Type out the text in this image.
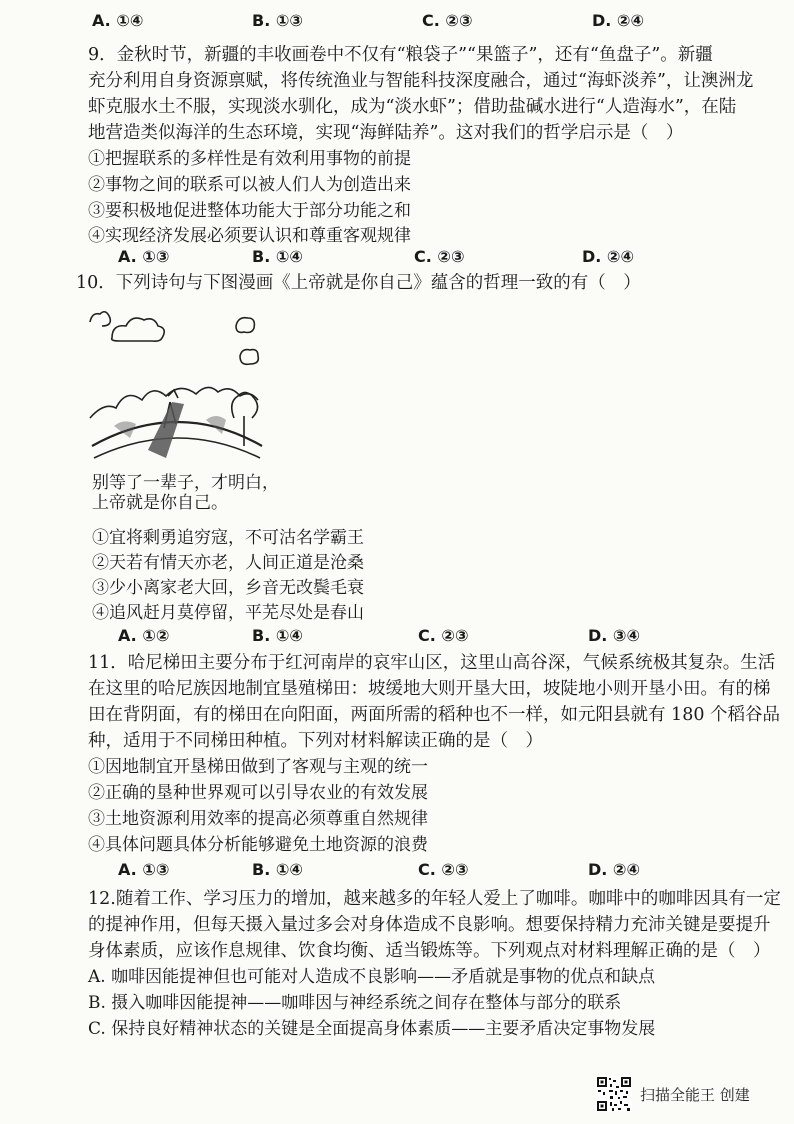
A. ①④	B. ①③	C. ②③	D. ②④
9．金秋时节，新疆的丰收画卷中不仅有“粮袋子”“果篮子”，还有“鱼盘子”。新疆
充分利用自身资源禀赋，将传统渔业与智能科技深度融合，通过“海虾淡养”，让澳洲龙
虾克服水土不服，实现淡水驯化，成为“淡水虾”；借助盐碱水进行“人造海水”，在陆
地营造类似海洋的生态环境，实现“海鲜陆养”。这对我们的哲学启示是（　）
①把握联系的多样性是有效利用事物的前提
②事物之间的联系可以被人们人为创造出来
③要积极地促进整体功能大于部分功能之和
④实现经济发展必须要认识和尊重客观规律
A. ①③	B. ①④	C. ②③	D. ②④
10．下列诗句与下图漫画《上帝就是你自己》蕴含的哲理一致的有（　）
别等了一辈子，才明白，
上帝就是你自己。
①宜将剩勇追穷寇，不可沽名学霸王
②天若有情天亦老，人间正道是沧桑
③少小离家老大回，乡音无改鬓毛衰
④追风赶月莫停留，平芜尽处是春山
A. ①②	B. ①④	C. ②③	D. ③④
11．哈尼梯田主要分布于红河南岸的哀牢山区，这里山高谷深，气候系统极其复杂。生活
在这里的哈尼族因地制宜垦殖梯田：坡缓地大则开垦大田，坡陡地小则开垦小田。有的梯
田在背阴面，有的梯田在向阳面，两面所需的稻种也不一样，如元阳县就有 180 个稻谷品
种，适用于不同梯田种植。下列对材料解读正确的是（　）
①因地制宜开垦梯田做到了客观与主观的统一
②正确的垦种世界观可以引导农业的有效发展
③土地资源利用效率的提高必须尊重自然规律
④具体问题具体分析能够避免土地资源的浪费
A. ①③	B. ①④	C. ②③	D. ②④
12.随着工作、学习压力的增加，越来越多的年轻人爱上了咖啡。咖啡中的咖啡因具有一定
的提神作用，但每天摄入量过多会对身体造成不良影响。想要保持精力充沛关键是要提升
身体素质，应该作息规律、饮食均衡、适当锻炼等。下列观点对材料理解正确的是（　）
A. 咖啡因能提神但也可能对人造成不良影响——矛盾就是事物的优点和缺点
B. 摄入咖啡因能提神——咖啡因与神经系统之间存在整体与部分的联系
C. 保持良好精神状态的关键是全面提高身体素质——主要矛盾决定事物发展
扫描全能王 创建
